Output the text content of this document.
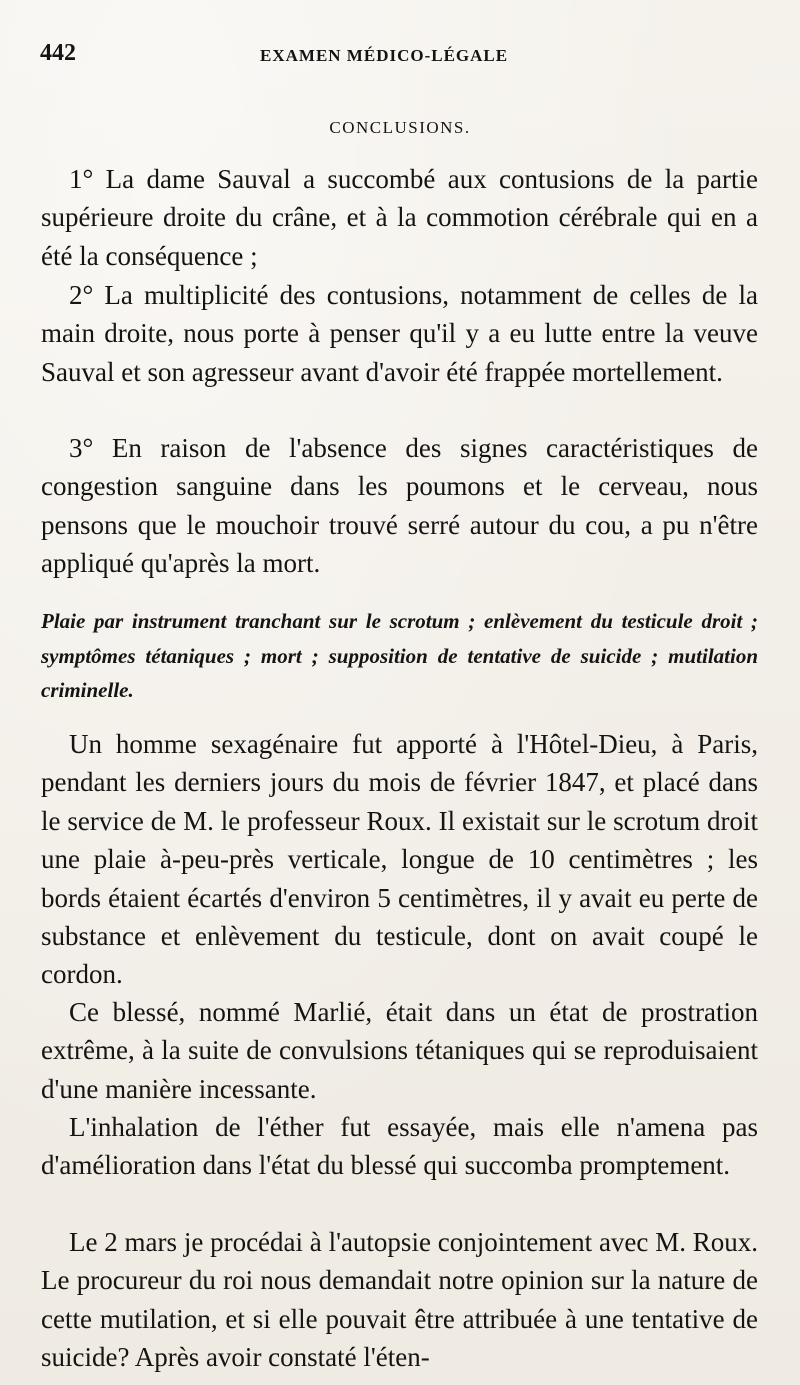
442	EXAMEN MÉDICO-LÉGALE
CONCLUSIONS.

1° La dame Sauval a succombé aux contusions de la partie supérieure droite du crâne, et à la commotion cérébrale qui en a été la conséquence ;

2° La multiplicité des contusions, notamment de celles de la main droite, nous porte à penser qu'il y a eu lutte entre la veuve Sauval et son agresseur avant d'avoir été frappée mortellement.

3° En raison de l'absence des signes caractéristiques de congestion sanguine dans les poumons et le cerveau, nous pensons que le mouchoir trouvé serré autour du cou, a pu n'être appliqué qu'après la mort.

Plaie par instrument tranchant sur le scrotum ; enlèvement du testicule droit ; symptômes tétaniques ; mort ; supposition de tentative de suicide ; mutilation criminelle.

Un homme sexagénaire fut apporté à l'Hôtel-Dieu, à Paris, pendant les derniers jours du mois de février 1847, et placé dans le service de M. le professeur Roux. Il existait sur le scrotum droit une plaie à-peu-près verticale, longue de 10 centimètres ; les bords étaient écartés d'environ 5 centimètres, il y avait eu perte de substance et enlèvement du testicule, dont on avait coupé le cordon.

Ce blessé, nommé Marlié, était dans un état de prostration extrême, à la suite de convulsions tétaniques qui se reproduisaient d'une manière incessante.

L'inhalation de l'éther fut essayée, mais elle n'amena pas d'amélioration dans l'état du blessé qui succomba promptement.

Le 2 mars je procédai à l'autopsie conjointement avec M. Roux. Le procureur du roi nous demandait notre opinion sur la nature de cette mutilation, et si elle pouvait être attribuée à une tentative de suicide? Après avoir constaté l'éten-
